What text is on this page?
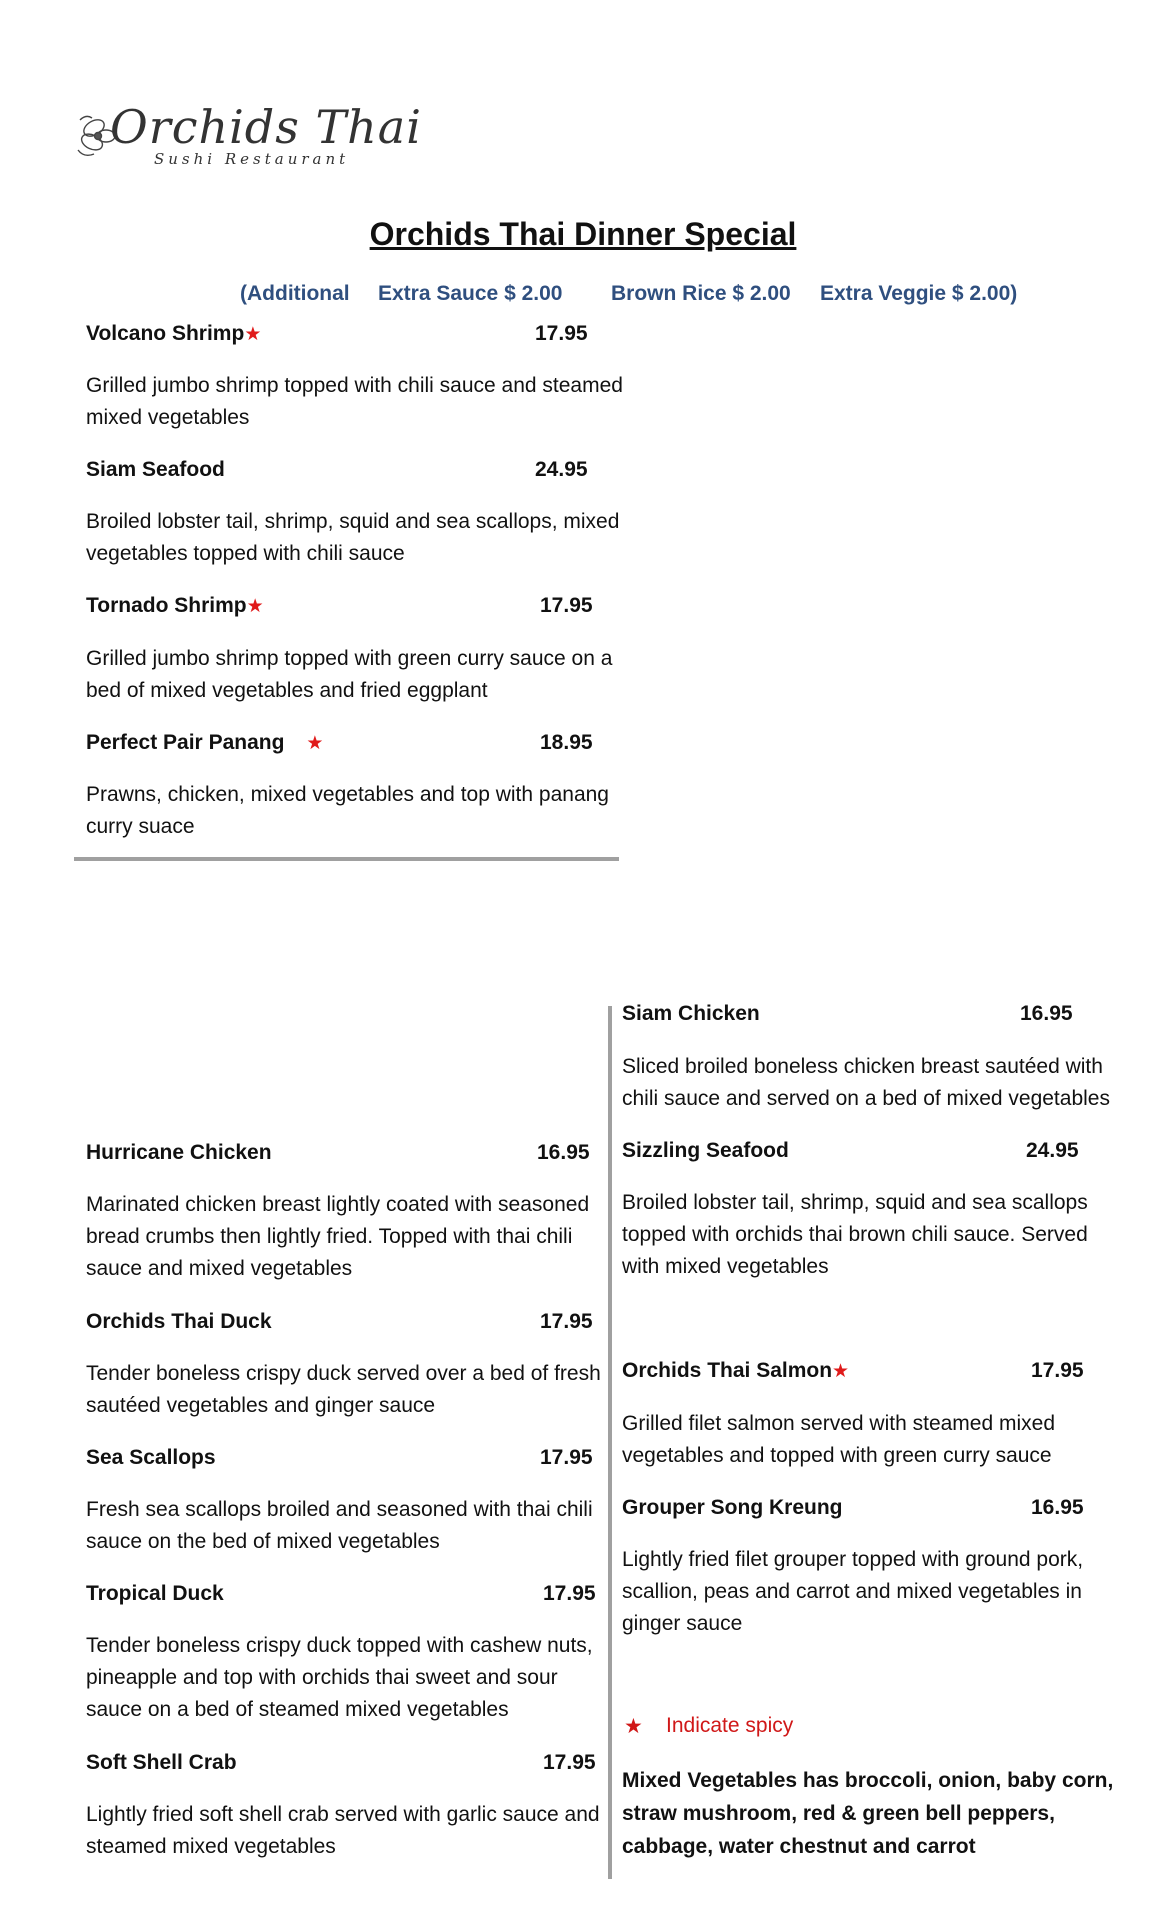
Orchids Thai
Sushi Restaurant
Orchids Thai Dinner Special
(Additional Extra Sauce $ 2.00 Brown Rice $ 2.00 Extra Veggie $ 2.00)
Volcano Shrimp★	17.95
Grilled jumbo shrimp topped with chili sauce and steamed mixed vegetables
Siam Seafood	24.95
Broiled lobster tail, shrimp, squid and sea scallops, mixed vegetables topped with chili sauce
Tornado Shrimp★	17.95
Grilled jumbo shrimp topped with green curry sauce on a bed of mixed vegetables and fried eggplant
Perfect Pair Panang ★	18.95
Prawns, chicken, mixed vegetables and top with panang curry suace
Hurricane Chicken	16.95
Marinated chicken breast lightly coated with seasoned bread crumbs then lightly fried. Topped with thai chili sauce and mixed vegetables
Orchids Thai Duck	17.95
Tender boneless crispy duck served over a bed of fresh sautéed vegetables and ginger sauce
Sea Scallops	17.95
Fresh sea scallops broiled and seasoned with thai chili sauce on the bed of mixed vegetables
Tropical Duck	17.95
Tender boneless crispy duck topped with cashew nuts, pineapple and top with orchids thai sweet and sour sauce on a bed of steamed mixed vegetables
Soft Shell Crab	17.95
Lightly fried soft shell crab served with garlic sauce and steamed mixed vegetables
Siam Chicken	16.95
Sliced broiled boneless chicken breast sautéed with chili sauce and served on a bed of mixed vegetables
Sizzling Seafood	24.95
Broiled lobster tail, shrimp, squid and sea scallops topped with orchids thai brown chili sauce. Served with mixed vegetables
Orchids Thai Salmon★	17.95
Grilled filet salmon served with steamed mixed vegetables and topped with green curry sauce
Grouper Song Kreung	16.95
Lightly fried filet grouper topped with ground pork, scallion, peas and carrot and mixed vegetables in ginger sauce
★ Indicate spicy
Mixed Vegetables has broccoli, onion, baby corn, straw mushroom, red & green bell peppers, cabbage, water chestnut and carrot
